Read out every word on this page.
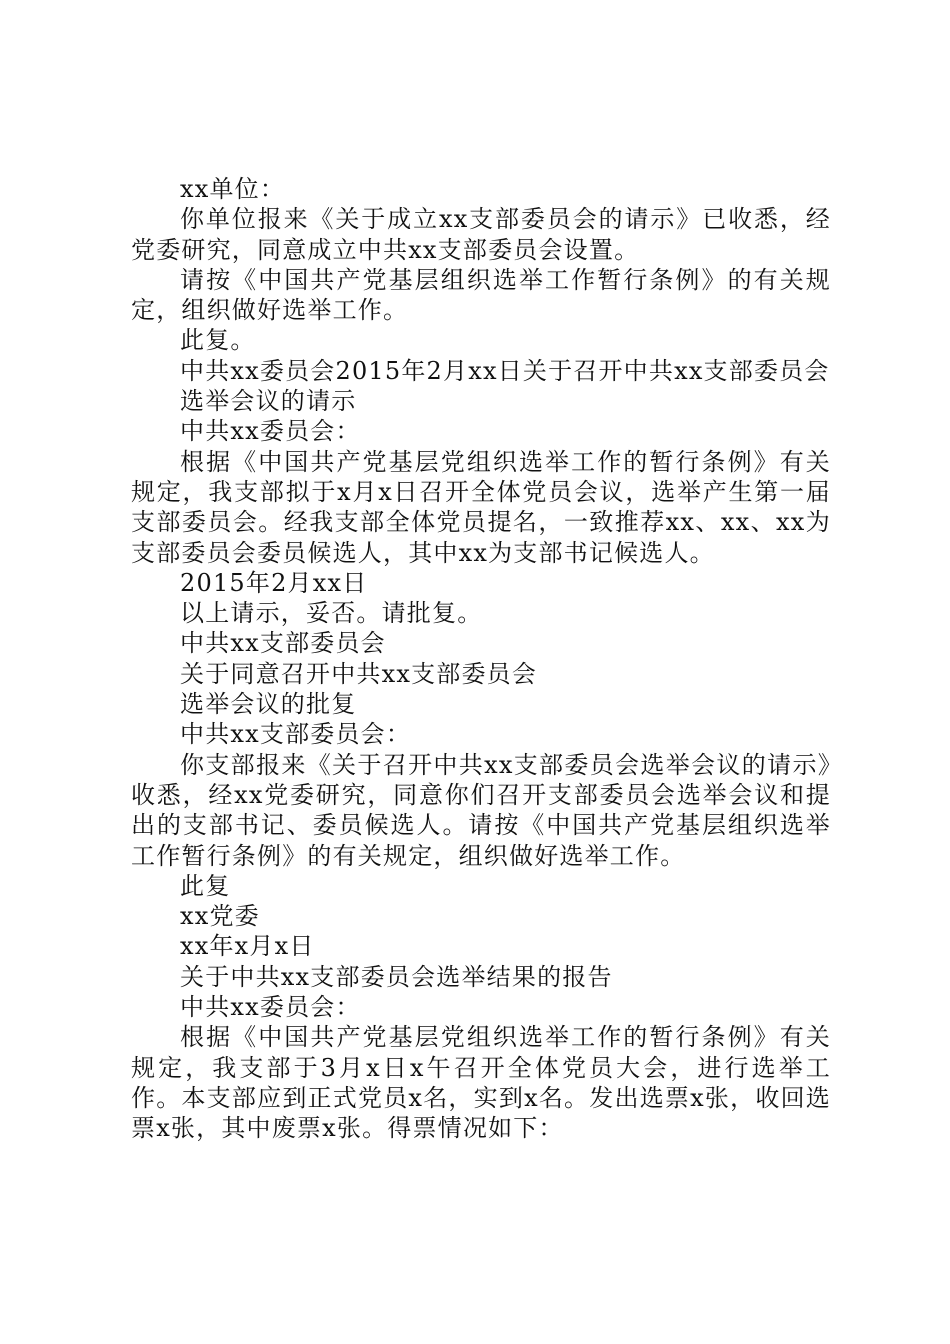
xx单位：

你单位报来《关于成立xx支部委员会的请示》已收悉，经党委研究，同意成立中共xx支部委员会设置。

请按《中国共产党基层组织选举工作暂行条例》的有关规定，组织做好选举工作。

此复。

中共xx委员会2015年2月xx日关于召开中共xx支部委员会

选举会议的请示

中共xx委员会：

根据《中国共产党基层党组织选举工作的暂行条例》有关规定，我支部拟于x月x日召开全体党员会议，选举产生第一届支部委员会。经我支部全体党员提名，一致推荐xx、xx、xx为支部委员会委员候选人，其中xx为支部书记候选人。

2015年2月xx日

以上请示，妥否。请批复。

中共xx支部委员会

关于同意召开中共xx支部委员会

选举会议的批复

中共xx支部委员会：

你支部报来《关于召开中共xx支部委员会选举会议的请示》收悉，经xx党委研究，同意你们召开支部委员会选举会议和提出的支部书记、委员候选人。请按《中国共产党基层组织选举工作暂行条例》的有关规定，组织做好选举工作。

此复

xx党委

xx年x月x日

关于中共xx支部委员会选举结果的报告

中共xx委员会：

根据《中国共产党基层党组织选举工作的暂行条例》有关规定，我支部于3月x日x午召开全体党员大会，进行选举工作。本支部应到正式党员x名，实到x名。发出选票x张，收回选票x张，其中废票x张。得票情况如下：
